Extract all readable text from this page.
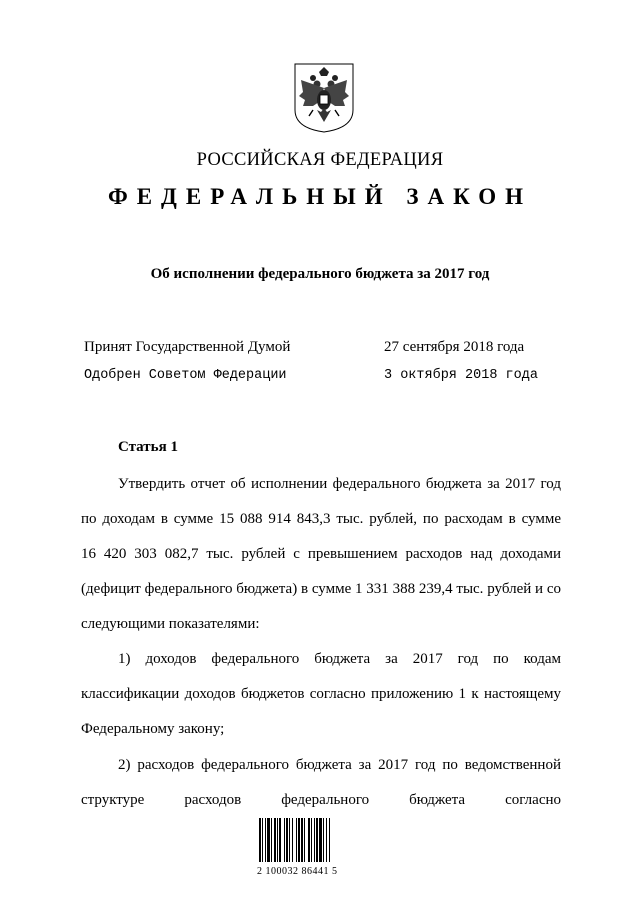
РОССИЙСКАЯ ФЕДЕРАЦИЯ
ФЕДЕРАЛЬНЫЙ ЗАКОН
Об исполнении федерального бюджета за 2017 год
Принят Государственной Думой	27 сентября 2018 года
Одобрен Советом Федерации	3 октября 2018 года
Статья 1
Утвердить отчет об исполнении федерального бюджета за 2017 год
по доходам в сумме 15 088 914 843,3 тыс. рублей, по расходам в сумме
16 420 303 082,7 тыс. рублей с превышением расходов над доходами
(дефицит федерального бюджета) в сумме 1 331 388 239,4 тыс. рублей и со
следующими показателями:
1) доходов федерального бюджета за 2017 год по кодам
классификации доходов бюджетов согласно приложению 1 к настоящему
Федеральному закону;
2) расходов федерального бюджета за 2017 год по ведомственной
структуре расходов федерального бюджета согласно
2 100032 86441 5
